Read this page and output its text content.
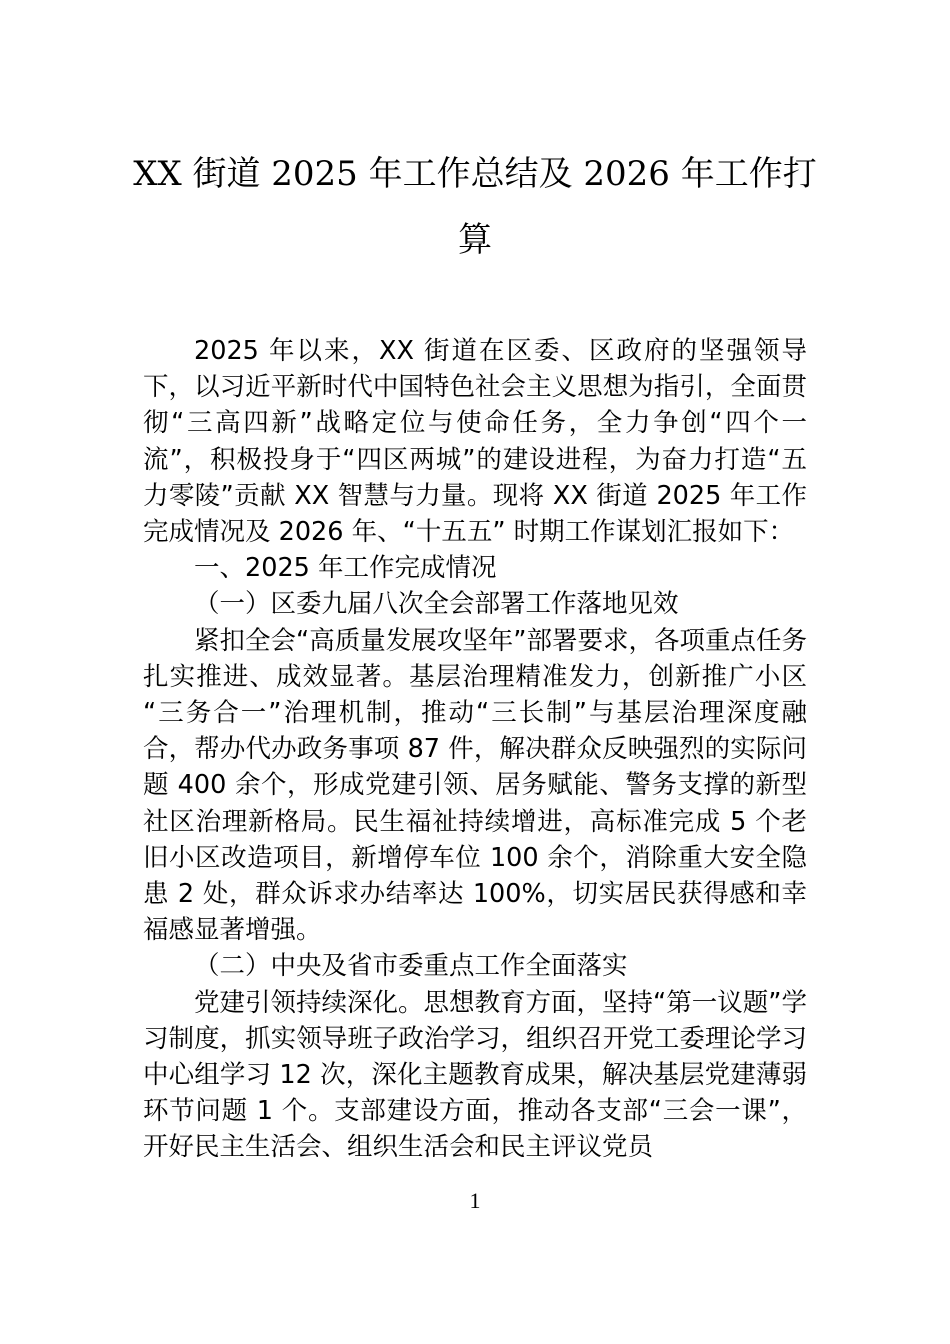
XX 街道 2025 年工作总结及 2026 年工作打算

2025 年以来，XX 街道在区委、区政府的坚强领导下，以习近平新时代中国特色社会主义思想为指引，全面贯彻“三高四新”战略定位与使命任务，全力争创“四个一流”，积极投身于“四区两城”的建设进程，为奋力打造“五力零陵”贡献 XX 智慧与力量。现将 XX 街道 2025 年工作完成情况及 2026 年、“十五五” 时期工作谋划汇报如下：

一、2025 年工作完成情况

（一）区委九届八次全会部署工作落地见效

紧扣全会“高质量发展攻坚年”部署要求，各项重点任务扎实推进、成效显著。基层治理精准发力，创新推广小区 “三务合一”治理机制，推动“三长制”与基层治理深度融合，帮办代办政务事项 87 件，解决群众反映强烈的实际问题 400 余个，形成党建引领、居务赋能、警务支撑的新型社区治理新格局。民生福祉持续增进，高标准完成 5 个老旧小区改造项目，新增停车位 100 余个，消除重大安全隐患 2 处，群众诉求办结率达 100%，切实居民获得感和幸福感显著增强。

（二）中央及省市委重点工作全面落实

党建引领持续深化。思想教育方面，坚持“第一议题”学习制度，抓实领导班子政治学习，组织召开党工委理论学习中心组学习 12 次，深化主题教育成果，解决基层党建薄弱环节问题 1 个。支部建设方面，推动各支部“三会一课”，开好民主生活会、组织生活会和民主评议党员

1
